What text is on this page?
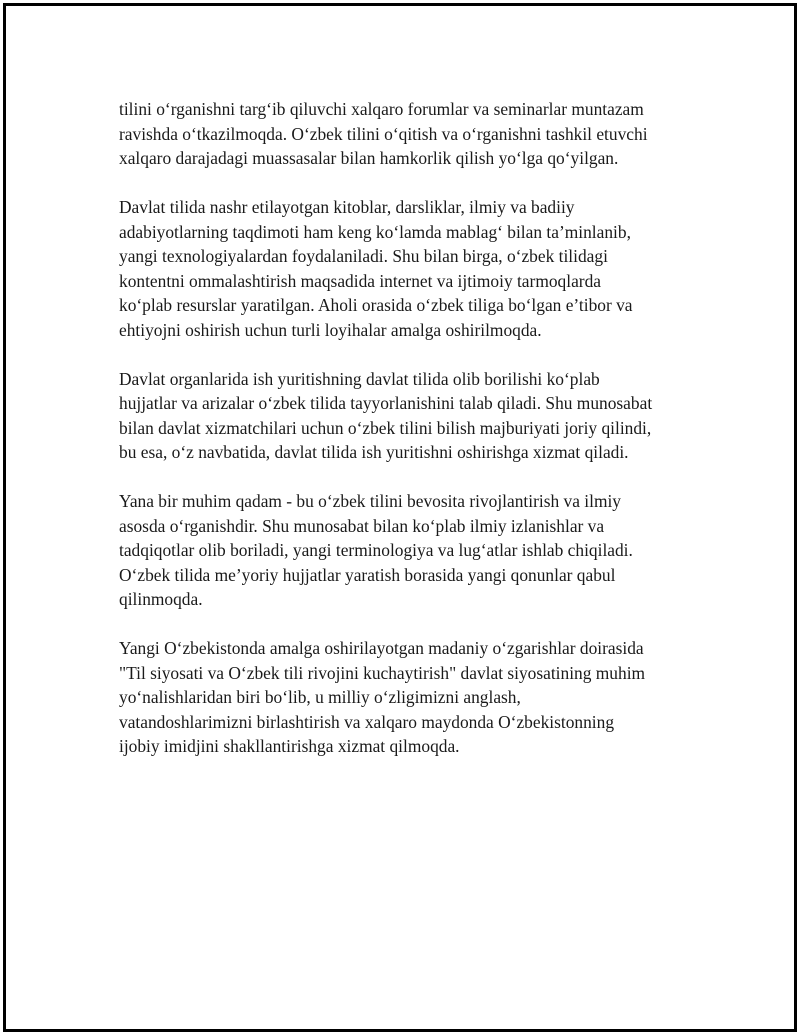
tilini o‘rganishni targ‘ib qiluvchi xalqaro forumlar va seminarlar muntazam
ravishda o‘tkazilmoqda. O‘zbek tilini o‘qitish va o‘rganishni tashkil etuvchi
xalqaro darajadagi muassasalar bilan hamkorlik qilish yo‘lga qo‘yilgan.

Davlat tilida nashr etilayotgan kitoblar, darsliklar, ilmiy va badiiy
adabiyotlarning taqdimoti ham keng ko‘lamda mablag‘ bilan ta’minlanib,
yangi texnologiyalardan foydalaniladi. Shu bilan birga, o‘zbek tilidagi
kontentni ommalashtirish maqsadida internet va ijtimoiy tarmoqlarda
ko‘plab resurslar yaratilgan. Aholi orasida o‘zbek tiliga bo‘lgan e’tibor va
ehtiyojni oshirish uchun turli loyihalar amalga oshirilmoqda.

Davlat organlarida ish yuritishning davlat tilida olib borilishi ko‘plab
hujjatlar va arizalar o‘zbek tilida tayyorlanishini talab qiladi. Shu munosabat
bilan davlat xizmatchilari uchun o‘zbek tilini bilish majburiyati joriy qilindi,
bu esa, o‘z navbatida, davlat tilida ish yuritishni oshirishga xizmat qiladi.

Yana bir muhim qadam - bu o‘zbek tilini bevosita rivojlantirish va ilmiy
asosda o‘rganishdir. Shu munosabat bilan ko‘plab ilmiy izlanishlar va
tadqiqotlar olib boriladi, yangi terminologiya va lug‘atlar ishlab chiqiladi.
O‘zbek tilida me’yoriy hujjatlar yaratish borasida yangi qonunlar qabul
qilinmoqda.

Yangi O‘zbekistonda amalga oshirilayotgan madaniy o‘zgarishlar doirasida
"Til siyosati va O‘zbek tili rivojini kuchaytirish" davlat siyosatining muhim
yo‘nalishlaridan biri bo‘lib, u milliy o‘zligimizni anglash,
vatandoshlarimizni birlashtirish va xalqaro maydonda O‘zbekistonning
ijobiy imidjini shakllantirishga xizmat qilmoqda.
